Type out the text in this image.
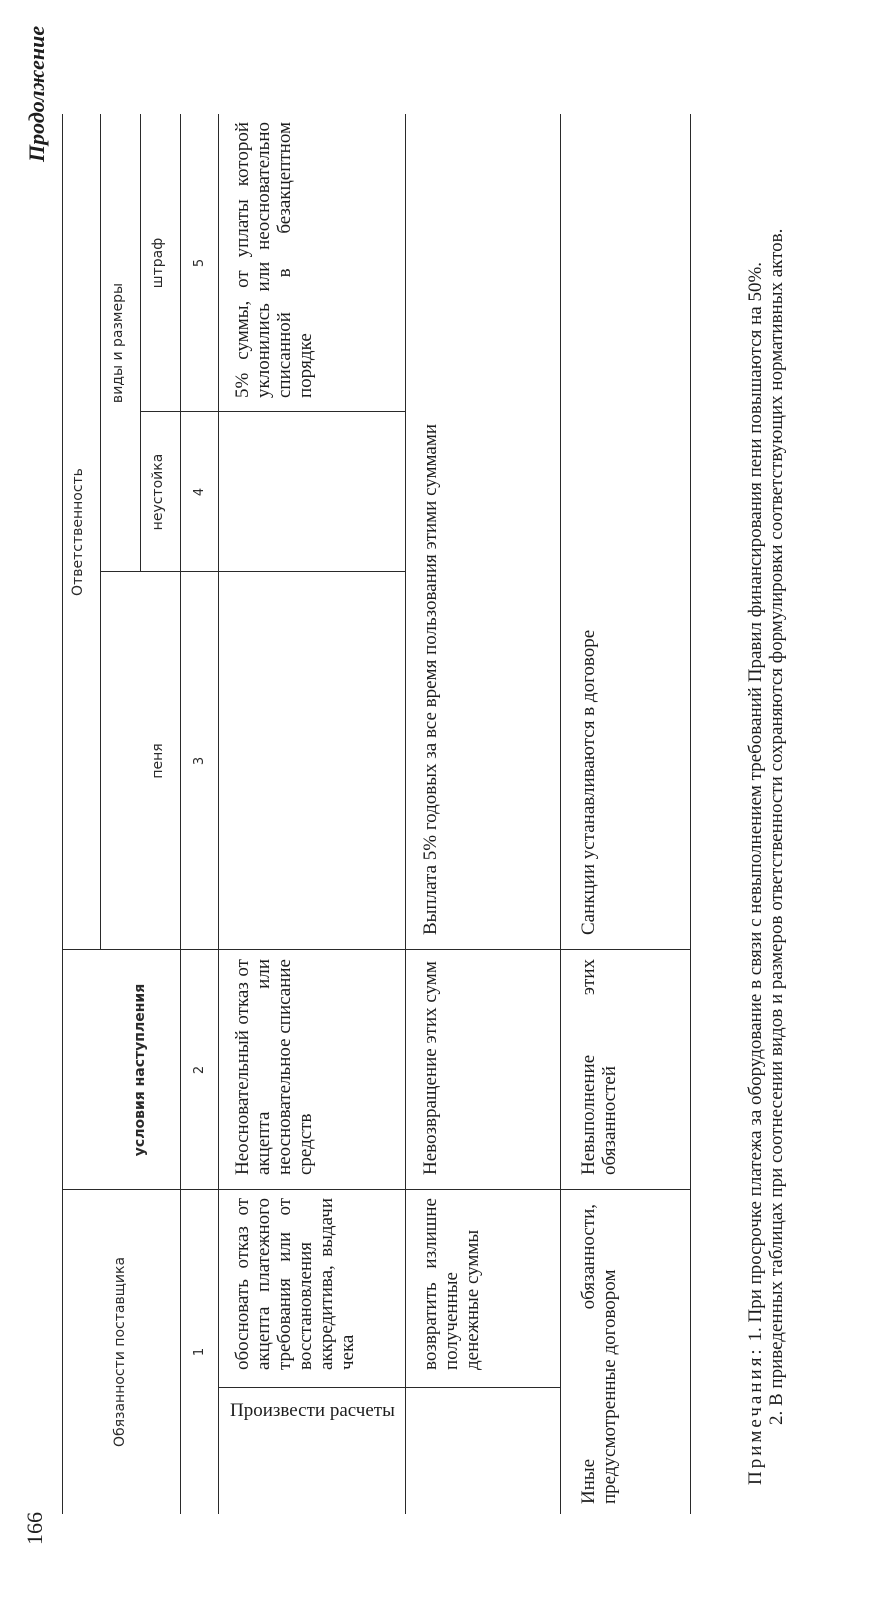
Продолжение
166
Обязанности поставщика
Ответственность
условия наступления
виды и размеры
пеня
неустойка
штраф
1
2
3
4
5
Произвести расчеты
обосновать отказ от акцепта платежного требования или от восстановления аккредитива, выдачи чека
Неосновательный отказ от акцепта или неосновательное списание средств
5% суммы, от уплаты которой уклонились или неосновательно списанной в безакцептном порядке
возвратить излишне полученные денежные суммы
Невозвращение этих сумм
Выплата 5% годовых за все время пользования этими суммами
Иные обязанности, предусмотренные договором
Невыполнение этих обязанностей
Санкции устанавливаются в договоре

Примечания: 1. При просрочке платежа за оборудование в связи с невыполнением требований Правил финансирования пени повышаются на 50%. 2. В приведенных таблицах при соотнесении видов и размеров ответственности сохраняются формулировки соответствующих нормативных актов.
